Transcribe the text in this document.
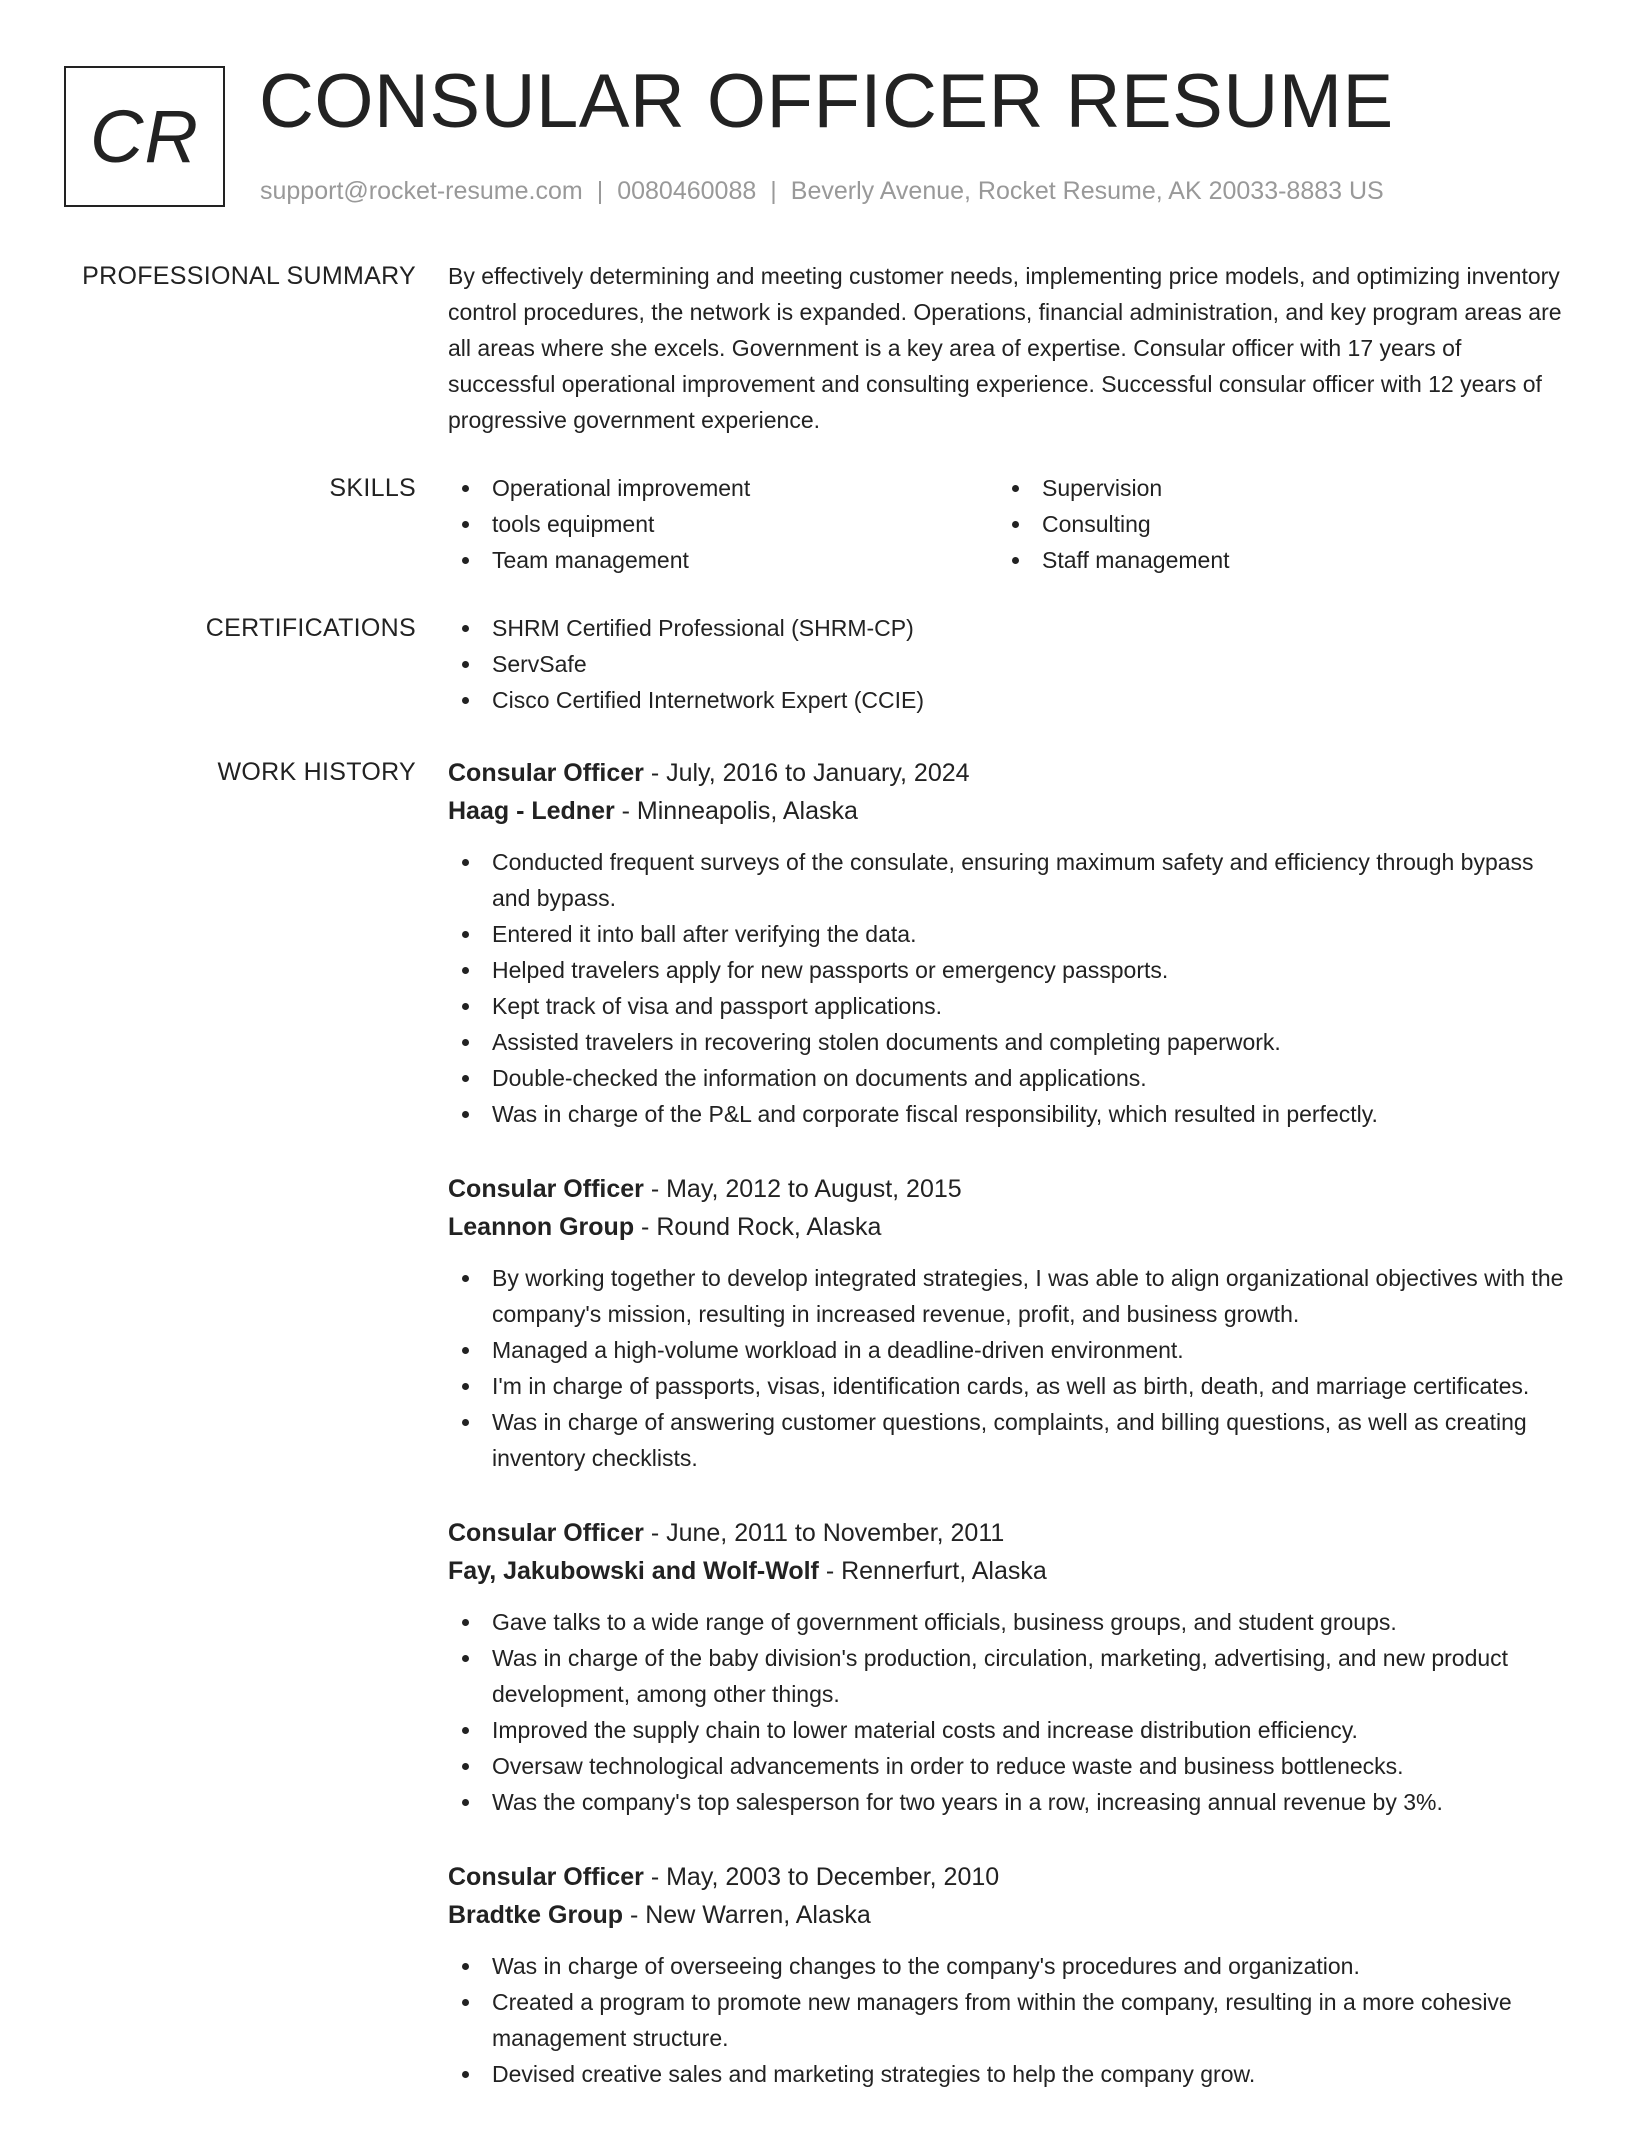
CR CONSULAR OFFICER RESUME
support@rocket-resume.com | 0080460088 | Beverly Avenue, Rocket Resume, AK 20033-8883 US
PROFESSIONAL SUMMARY By effectively determining and meeting customer needs, implementing price models, and optimizing inventory control procedures, the network is expanded. Operations, financial administration, and key program areas are all areas where she excels. Government is a key area of expertise. Consular officer with 17 years of successful operational improvement and consulting experience. Successful consular officer with 12 years of progressive government experience.

SKILLS	Operational improvement
tools equipment
Team management
Supervision
Consulting
Staff management
CERTIFICATIONS	SHRM Certified Professional (SHRM-CP)
ServSafe
Cisco Certified Internetwork Expert (CCIE)
WORK HISTORY Consular Officer - July, 2016 to January, 2024
Haag - Ledner - Minneapolis, Alaska
Conducted frequent surveys of the consulate, ensuring maximum safety and efficiency through bypass and bypass.
Entered it into ball after verifying the data.
Helped travelers apply for new passports or emergency passports.
Kept track of visa and passport applications.
Assisted travelers in recovering stolen documents and completing paperwork.
Double-checked the information on documents and applications.
Was in charge of the P&L and corporate fiscal responsibility, which resulted in perfectly.
Consular Officer - May, 2012 to August, 2015
Leannon Group - Round Rock, Alaska
By working together to develop integrated strategies, I was able to align organizational objectives with the company's mission, resulting in increased revenue, profit, and business growth.
Managed a high-volume workload in a deadline-driven environment.
I'm in charge of passports, visas, identification cards, as well as birth, death, and marriage certificates.
Was in charge of answering customer questions, complaints, and billing questions, as well as creating inventory checklists.
Consular Officer - June, 2011 to November, 2011
Fay, Jakubowski and Wolf-Wolf - Rennerfurt, Alaska
Gave talks to a wide range of government officials, business groups, and student groups.
Was in charge of the baby division's production, circulation, marketing, advertising, and new product development, among other things.
Improved the supply chain to lower material costs and increase distribution efficiency.
Oversaw technological advancements in order to reduce waste and business bottlenecks.
Was the company's top salesperson for two years in a row, increasing annual revenue by 3%.
Consular Officer - May, 2003 to December, 2010
Bradtke Group - New Warren, Alaska
Was in charge of overseeing changes to the company's procedures and organization.
Created a program to promote new managers from within the company, resulting in a more cohesive management structure.
Devised creative sales and marketing strategies to help the company grow.
